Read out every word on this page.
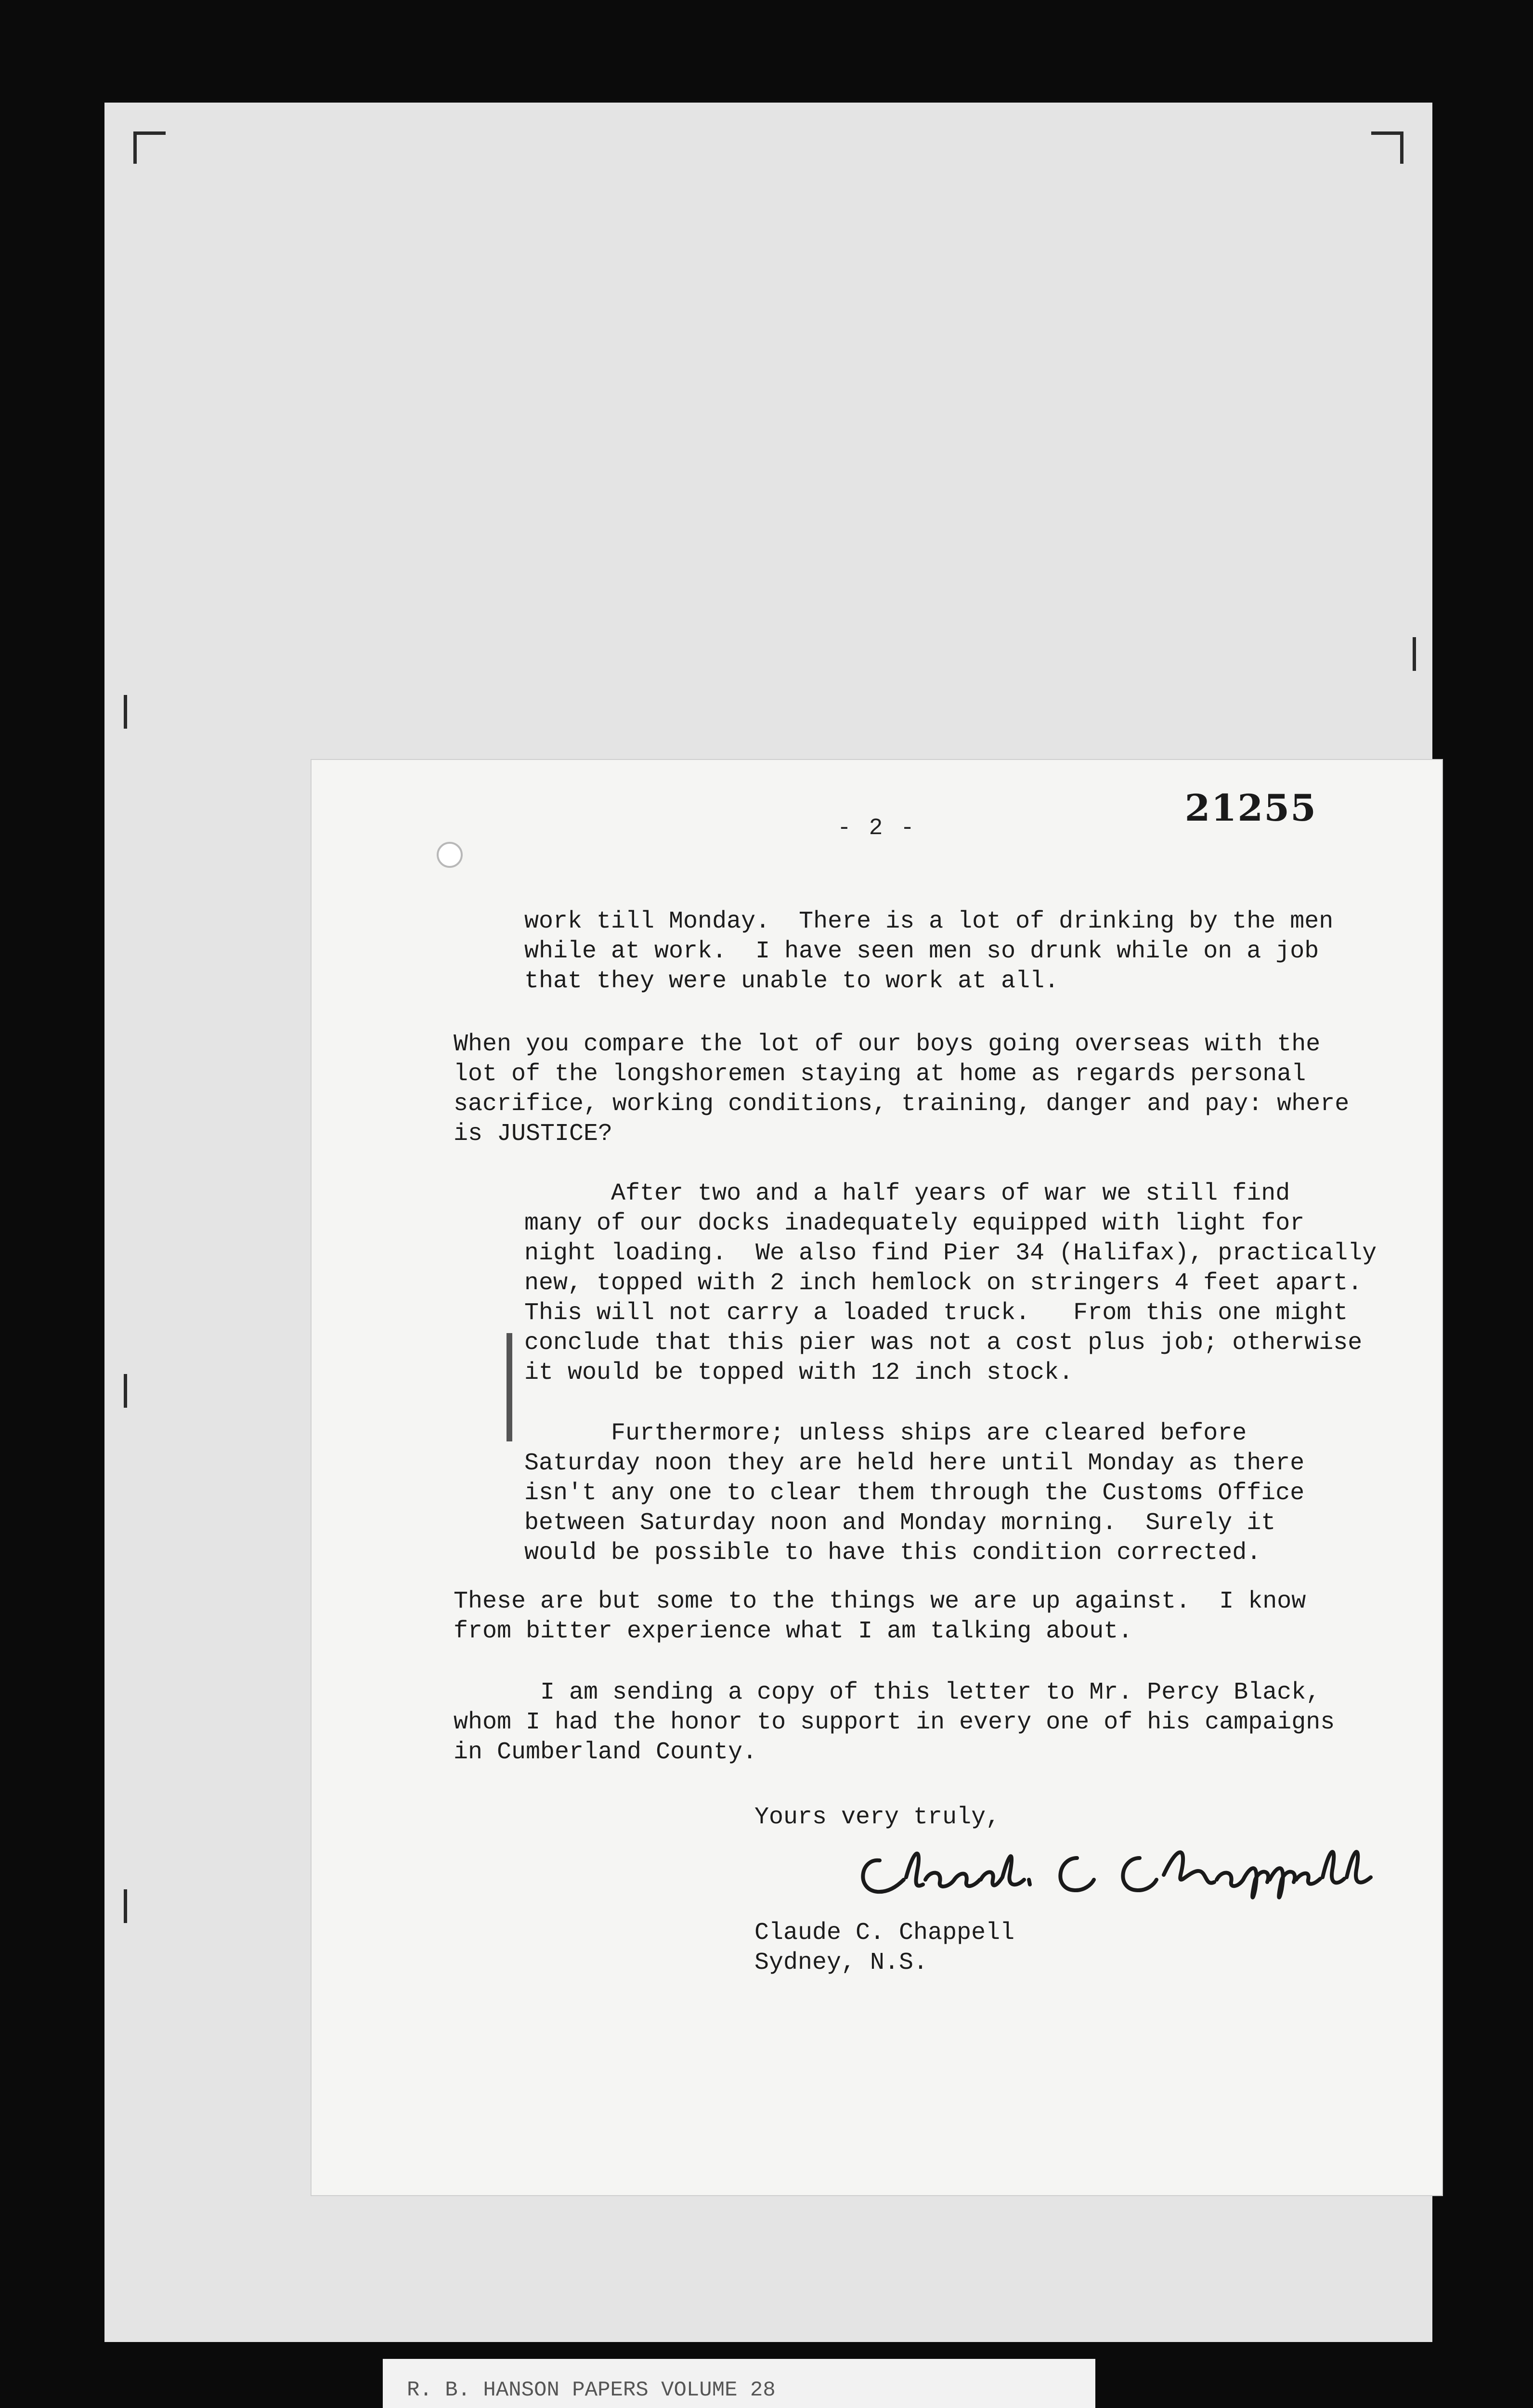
- 2 -	21255
work till Monday.  There is a lot of drinking by the men
while at work.  I have seen men so drunk while on a job
that they were unable to work at all.
When you compare the lot of our boys going overseas with the
lot of the longshoremen staying at home as regards personal
sacrifice, working conditions, training, danger and pay: where
is JUSTICE?
After two and a half years of war we still find
many of our docks inadequately equipped with light for
night loading.  We also find Pier 34 (Halifax), practically
new, topped with 2 inch hemlock on stringers 4 feet apart.
This will not carry a loaded truck.   From this one might
conclude that this pier was not a cost plus job; otherwise
it would be topped with 12 inch stock.
Furthermore; unless ships are cleared before
Saturday noon they are held here until Monday as there
isn't any one to clear them through the Customs Office
between Saturday noon and Monday morning.  Surely it
would be possible to have this condition corrected.
These are but some to the things we are up against.  I know
from bitter experience what I am talking about.
I am sending a copy of this letter to Mr. Percy Black,
whom I had the honor to support in every one of his campaigns
in Cumberland County.
Yours very truly,
Claude C. Chappell
Sydney, N.S.
R. B. HANSON PAPERS VOLUME 28
